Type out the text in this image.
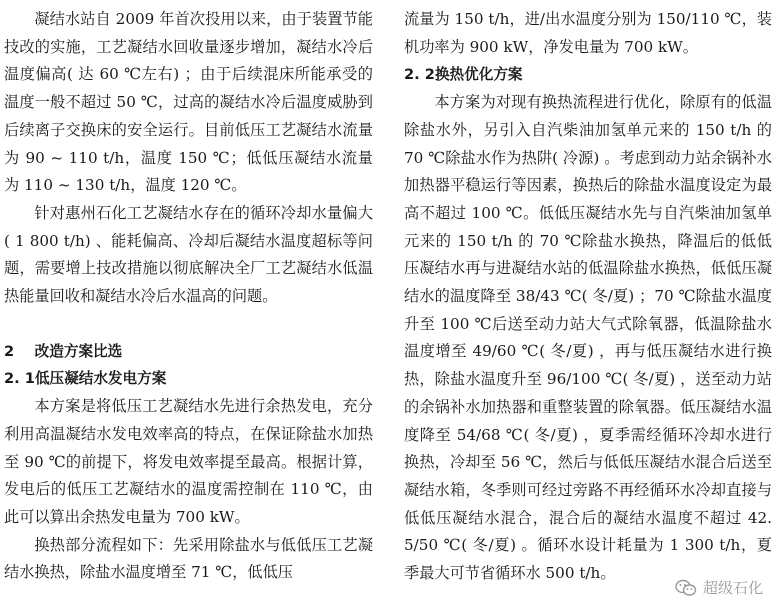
凝结水站自 2009 年首次投用以来，由于装置节能技改的实施，工艺凝结水回收量逐步增加，凝结水冷后温度偏高( 达 60 ℃左右) ；由于后续混床所能承受的温度一般不超过 50 ℃，过高的凝结水冷后温度威胁到后续离子交换床的安全运行。目前低压工艺凝结水流量为 90 ~ 110 t/h，温度 150 ℃；低低压凝结水流量为 110 ~ 130 t/h，温度 120 ℃。

针对惠州石化工艺凝结水存在的循环冷却水量偏大( 1 800 t/h) 、能耗偏高、冷却后凝结水温度超标等问题，需要增上技改措施以彻底解决全厂工艺凝结水低温热能量回收和凝结水冷后水温高的问题。

2 改造方案比选

2. 1低压凝结水发电方案

本方案是将低压工艺凝结水先进行余热发电，充分利用高温凝结水发电效率高的特点，在保证除盐水加热至 90 ℃的前提下，将发电效率提至最高。根据计算，发电后的低压工艺凝结水的温度需控制在 110 ℃，由此可以算出余热发电量为 700 kW。

换热部分流程如下：先采用除盐水与低低压工艺凝结水换热，除盐水温度增至 71 ℃，低低压

流量为 150 t/h，进/出水温度分别为 150/110 ℃，装机功率为 900 kW，净发电量为 700 kW。

2. 2换热优化方案

本方案为对现有换热流程进行优化，除原有的低温除盐水外，另引入自汽柴油加氢单元来的 150 t/h 的 70 ℃除盐水作为热阱( 冷源) 。考虑到动力站余锅补水加热器平稳运行等因素，换热后的除盐水温度设定为最高不超过 100 ℃。低低压凝结水先与自汽柴油加氢单元来的 150 t/h 的 70 ℃除盐水换热，降温后的低低压凝结水再与进凝结水站的低温除盐水换热，低低压凝结水的温度降至 38/43 ℃( 冬/夏) ；70 ℃除盐水温度升至 100 ℃后送至动力站大气式除氧器，低温除盐水温度增至 49/60 ℃( 冬/夏) ，再与低压凝结水进行换热，除盐水温度升至 96/100 ℃( 冬/夏) ，送至动力站的余锅补水加热器和重整装置的除氧器。低压凝结水温度降至 54/68 ℃( 冬/夏) ，夏季需经循环冷却水进行换热，冷却至 56 ℃，然后与低低压凝结水混合后送至凝结水箱，冬季则可经过旁路不再经循环水冷却直接与低低压凝结水混合，混合后的凝结水温度不超过 42. 5/50 ℃( 冬/夏) 。循环水设计耗量为 1 300 t/h，夏季最大可节省循环水 500 t/h。

超级石化
